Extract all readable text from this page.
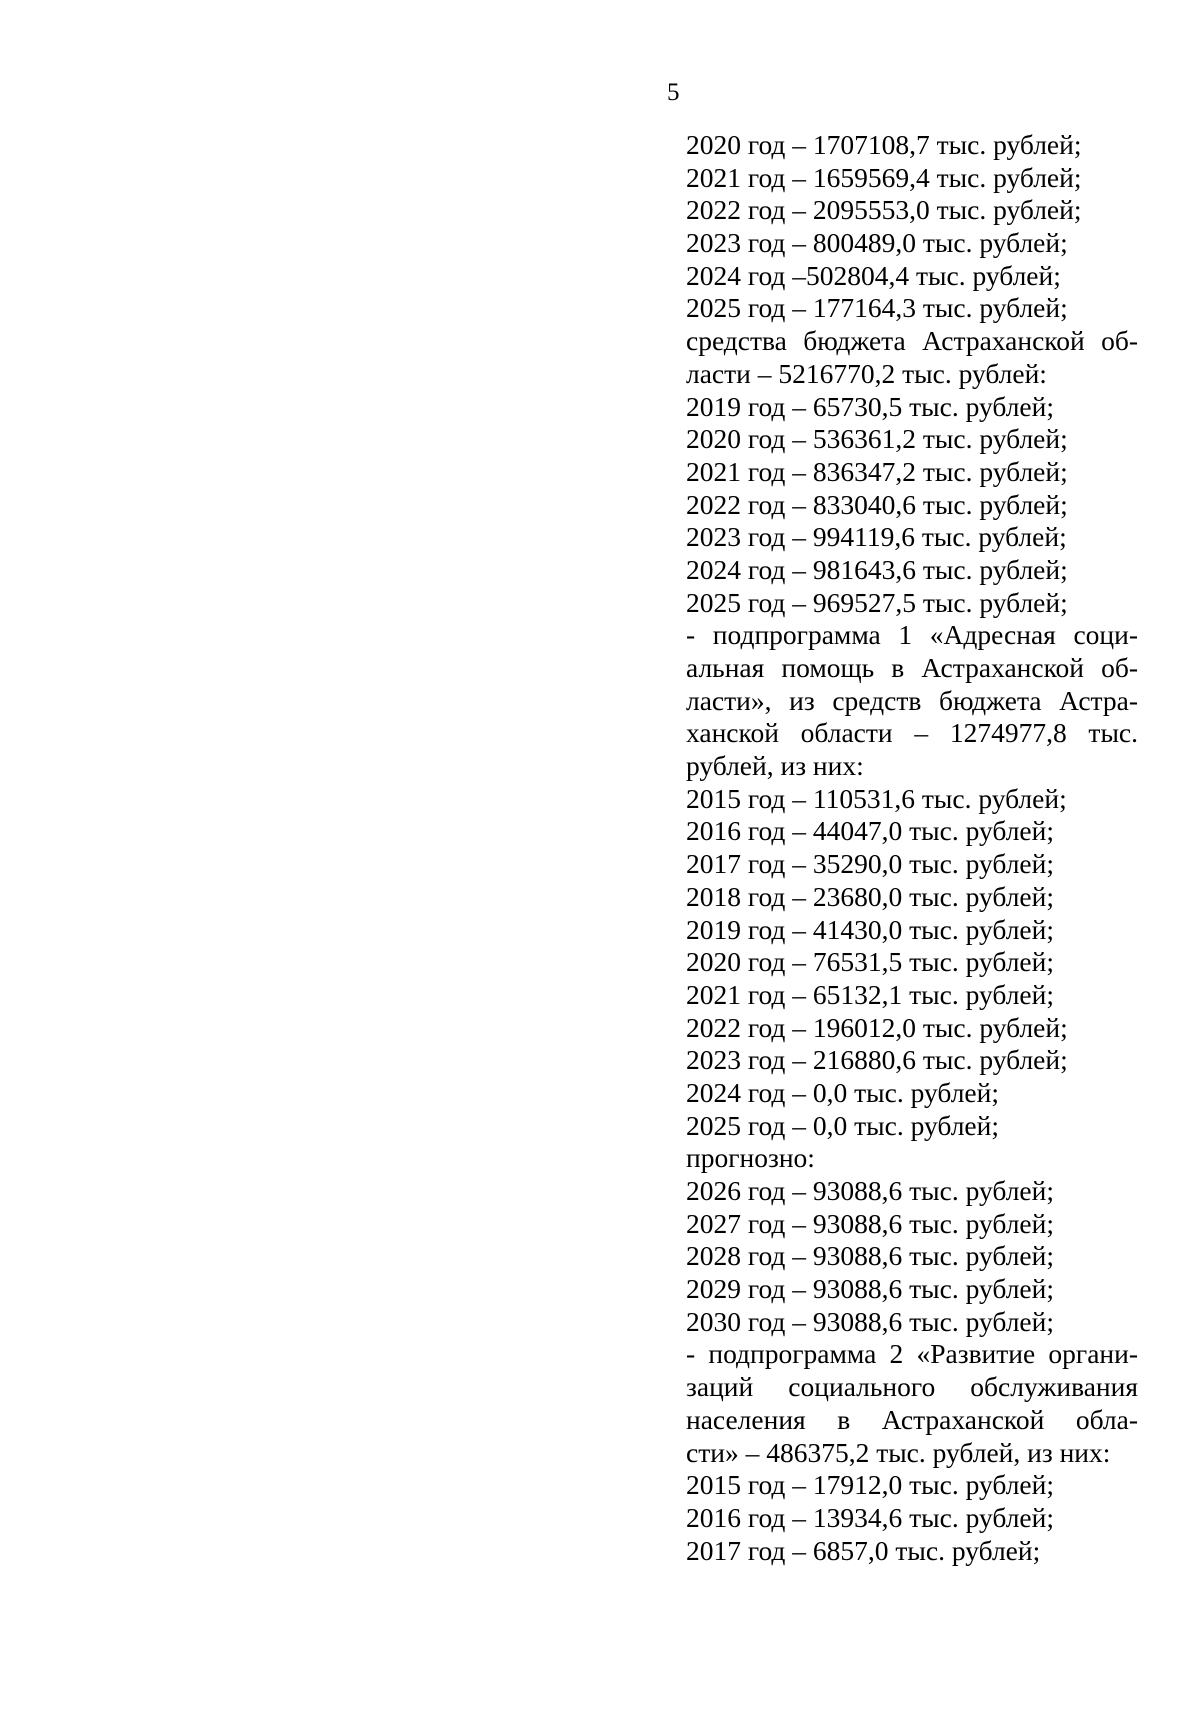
5
2020 год – 1707108,7 тыс. рублей;
2021 год – 1659569,4 тыс. рублей;
2022 год – 2095553,0 тыс. рублей;
2023 год – 800489,0 тыс. рублей;
2024 год –502804,4 тыс. рублей;
2025 год – 177164,3 тыс. рублей;
средства бюджета Астраханской об-
ласти – 5216770,2 тыс. рублей:
2019 год – 65730,5 тыс. рублей;
2020 год – 536361,2 тыс. рублей;
2021 год – 836347,2 тыс. рублей;
2022 год – 833040,6 тыс. рублей;
2023 год – 994119,6 тыс. рублей;
2024 год – 981643,6 тыс. рублей;
2025 год – 969527,5 тыс. рублей;
- подпрограмма 1 «Адресная соци-
альная помощь в Астраханской об-
ласти», из средств бюджета Астра-
ханской области – 1274977,8 тыс.
рублей, из них:
2015 год – 110531,6 тыс. рублей;
2016 год – 44047,0 тыс. рублей;
2017 год – 35290,0 тыс. рублей;
2018 год – 23680,0 тыс. рублей;
2019 год – 41430,0 тыс. рублей;
2020 год – 76531,5 тыс. рублей;
2021 год – 65132,1 тыс. рублей;
2022 год – 196012,0 тыс. рублей;
2023 год – 216880,6 тыс. рублей;
2024 год – 0,0 тыс. рублей;
2025 год – 0,0 тыс. рублей;
прогнозно:
2026 год – 93088,6 тыс. рублей;
2027 год – 93088,6 тыс. рублей;
2028 год – 93088,6 тыс. рублей;
2029 год – 93088,6 тыс. рублей;
2030 год – 93088,6 тыс. рублей;
- подпрограмма 2 «Развитие органи-
заций социального обслуживания
населения в Астраханской обла-
сти» – 486375,2 тыс. рублей, из них:
2015 год – 17912,0 тыс. рублей;
2016 год – 13934,6 тыс. рублей;
2017 год – 6857,0 тыс. рублей;
